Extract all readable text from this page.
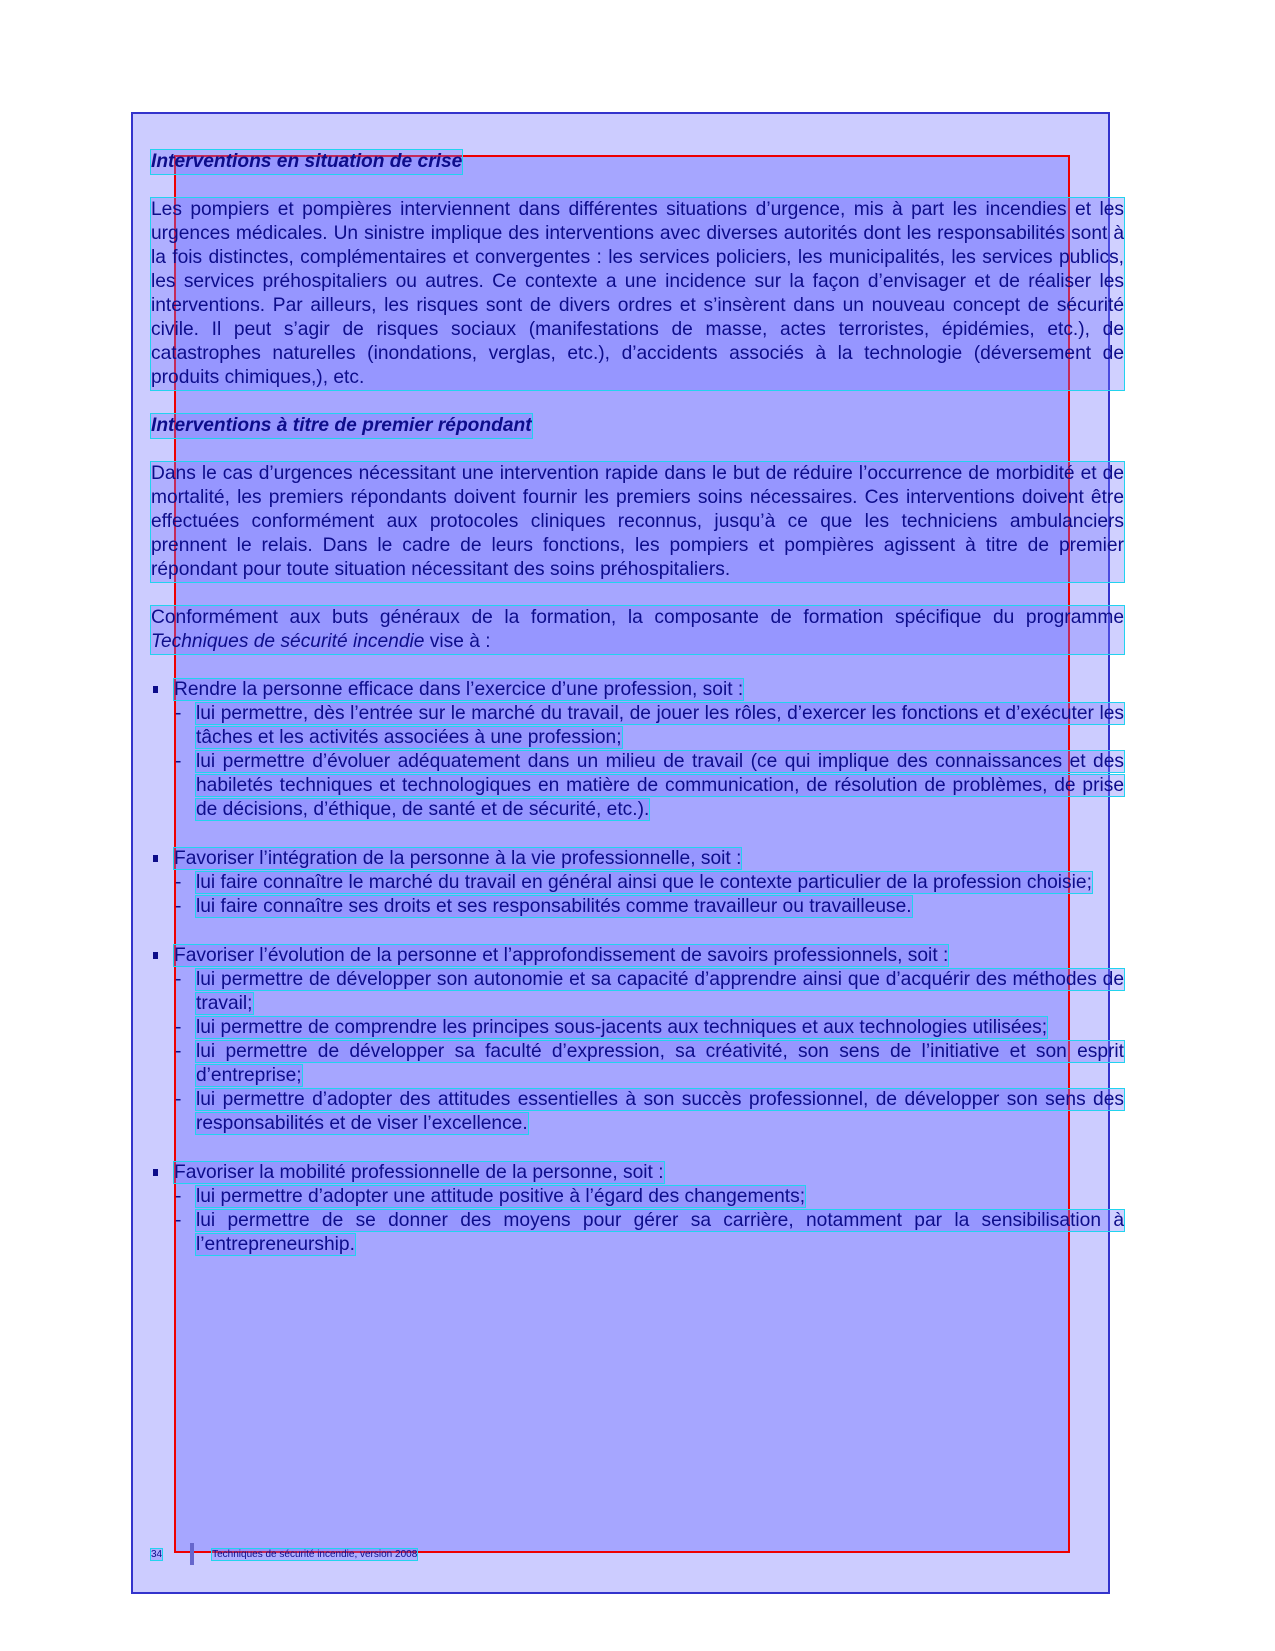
Interventions en situation de crise
Les pompiers et pompières interviennent dans différentes situations d’urgence, mis à part les incendies et les urgences médicales. Un sinistre implique des interventions avec diverses autorités dont les responsabilités sont à la fois distinctes, complémentaires et convergentes : les services policiers, les municipalités, les services publics, les services préhospitaliers ou autres. Ce contexte a une incidence sur la façon d’envisager et de réaliser les interventions. Par ailleurs, les risques sont de divers ordres et s’insèrent dans un nouveau concept de sécurité civile. Il peut s’agir de risques sociaux (manifestations de masse, actes terroristes, épidémies, etc.), de catastrophes naturelles (inondations, verglas, etc.), d’accidents associés à la technologie (déversement de produits chimiques,), etc.
Interventions à titre de premier répondant
Dans le cas d’urgences nécessitant une intervention rapide dans le but de réduire l’occurrence de morbidité et de mortalité, les premiers répondants doivent fournir les premiers soins nécessaires. Ces interventions doivent être effectuées conformément aux protocoles cliniques reconnus, jusqu’à ce que les techniciens ambulanciers prennent le relais. Dans le cadre de leurs fonctions, les pompiers et pompières agissent à titre de premier répondant pour toute situation nécessitant des soins préhospitaliers.
Conformément aux buts généraux de la formation, la composante de formation spécifique du programme Techniques de sécurité incendie vise à :
Rendre la personne efficace dans l’exercice d’une profession, soit :
- lui permettre, dès l’entrée sur le marché du travail, de jouer les rôles, d’exercer les fonctions et d’exécuter les tâches et les activités associées à une profession;
- lui permettre d’évoluer adéquatement dans un milieu de travail (ce qui implique des connaissances et des habiletés techniques et technologiques en matière de communication, de résolution de problèmes, de prise de décisions, d’éthique, de santé et de sécurité, etc.).
Favoriser l’intégration de la personne à la vie professionnelle, soit :
- lui faire connaître le marché du travail en général ainsi que le contexte particulier de la profession choisie;
- lui faire connaître ses droits et ses responsabilités comme travailleur ou travailleuse.
Favoriser l’évolution de la personne et l’approfondissement de savoirs professionnels, soit :
- lui permettre de développer son autonomie et sa capacité d’apprendre ainsi que d’acquérir des méthodes de travail;
- lui permettre de comprendre les principes sous-jacents aux techniques et aux technologies utilisées;
- lui permettre de développer sa faculté d’expression, sa créativité, son sens de l’initiative et son esprit d’entreprise;
- lui permettre d’adopter des attitudes essentielles à son succès professionnel, de développer son sens des responsabilités et de viser l’excellence.
Favoriser la mobilité professionnelle de la personne, soit :
- lui permettre d’adopter une attitude positive à l’égard des changements;
- lui permettre de se donner des moyens pour gérer sa carrière, notamment par la sensibilisation à l’entrepreneurship.
34	Techniques de sécurité incendie, version 2008
